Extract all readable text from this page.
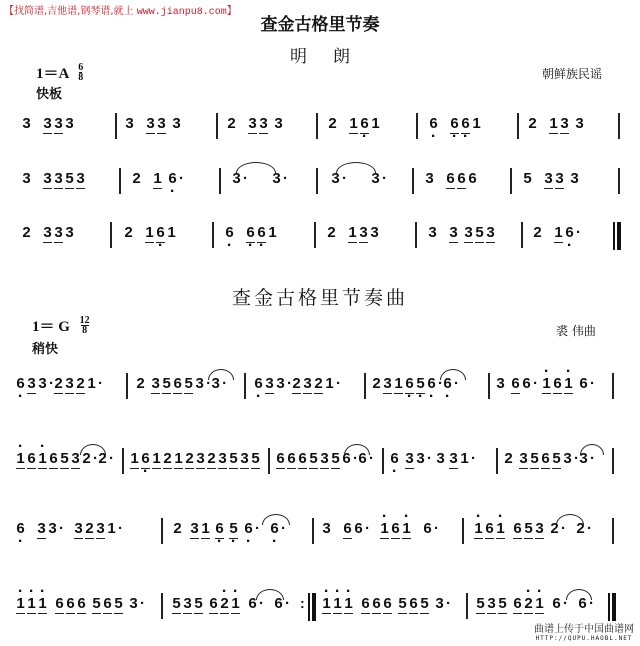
【找简谱,吉他谱,钢琴谱,就上 www.jianpu8.com】
查金古格里节奏
明朗
$1=A \frac{6}{8}$
快板
朝鲜族民谣
3 3 3 3	3 3 3 3	2 3 3 3	2 1 6
·
1	6
·
6
·
6
·
1	2 1 3 3
3 3 3 5 3	2 1 6
·
·	3 · 3 ·	3 · 3 ·	3 6 6 6	5 3 3 3
2 3 3 3	2 1 6
·
1	6
·
6
·
6
·
1	2 1 3 3	3 3 3 5 3	2 1 6
·
·
查金古格里节奏曲
1＝ G $\frac{12}{8}$
稍快
裘 伟曲
6
·
3 3 ·2 3 2 1 · 2 3 5 6 5 3 ·3 · 6
·
3 3 ·2 3 2 1 · 2 3 1 6
·
5
·
6
·
·6
·
· 3 6 6 · · 1 6 · 1 6 ·
· 1 6 · 1 6 5 3 2 ·2 · 1 6
·
1 2 1 2 3 2 3 5 3 5 6 6 6 5 3 5 6 ·6 · 6
·
3 3 · 3 3 1 · 2 3 5 6 5 3 ·3 ·
6
·
3 3 · 3 2 3 1 ·	2 3 1 6
·
5
·
6
·
· 6
·
· 3 6 6 · · 1 6 · 1 6 · · 1 6 · 1 6 5 3 2 · 2 ·
· 1 · 1 · 1 6 6 6 5 6 5 3 · 5 3 5 6 · 2 · 1 6 · 6 · : · 1 · 1 · 1 6 6 6 5 6 5 3 · 5 3 5 6 · 2 · 1 6 · 6 ·
曲谱上传于中国曲谱网
HTTP://QUPU.HAOBL.NET
